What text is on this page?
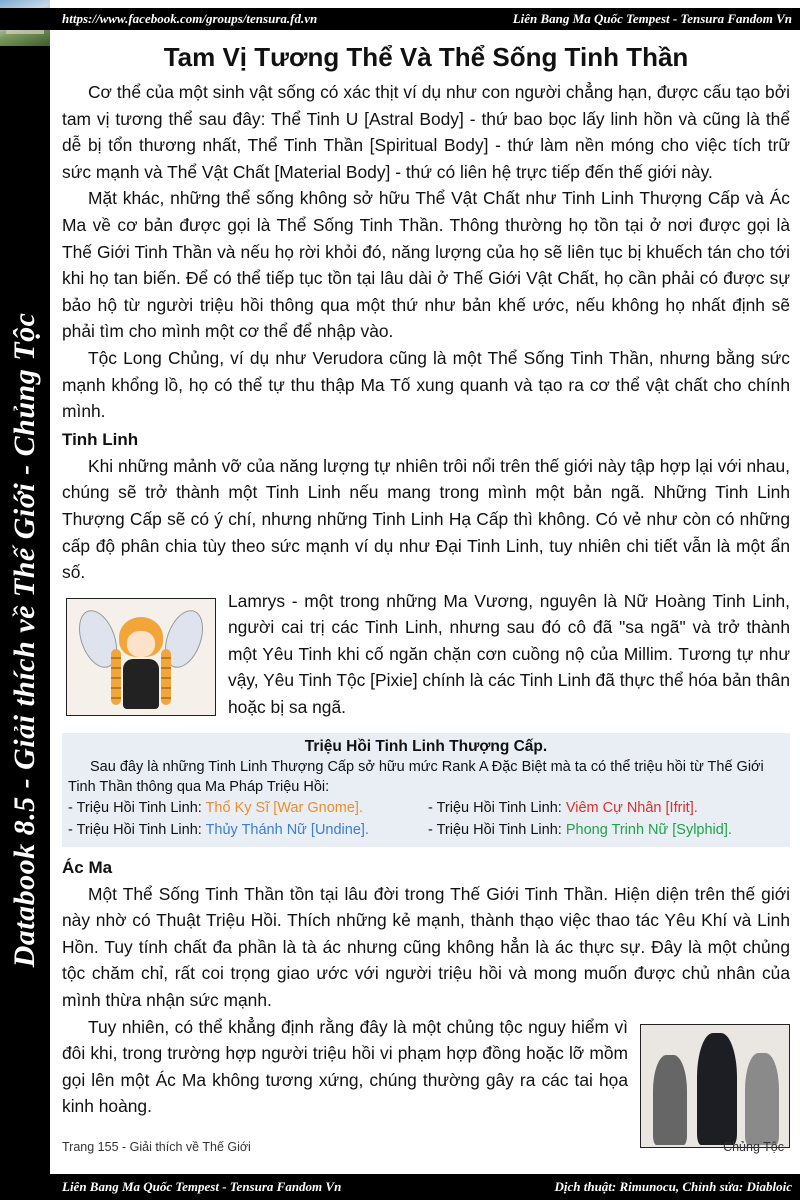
Databook 8.5 - Giải thích về Thế Giới - Chủng Tộc
https://www.facebook.com/groups/tensura.fd.vn	Liên Bang Ma Quốc Tempest - Tensura Fandom Vn
Tam Vị Tương Thể Và Thể Sống Tinh Thần

Cơ thể của một sinh vật sống có xác thịt ví dụ như con người chẳng hạn, được cấu tạo bởi tam vị tương thể sau đây: Thể Tinh U [Astral Body] - thứ bao bọc lấy linh hồn và cũng là thể dễ bị tổn thương nhất, Thể Tinh Thần [Spiritual Body] - thứ làm nền móng cho việc tích trữ sức mạnh và Thể Vật Chất [Material Body] - thứ có liên hệ trực tiếp đến thế giới này.

Mặt khác, những thể sống không sở hữu Thể Vật Chất như Tinh Linh Thượng Cấp và Ác Ma về cơ bản được gọi là Thể Sống Tinh Thần. Thông thường họ tồn tại ở nơi được gọi là Thế Giới Tinh Thần và nếu họ rời khỏi đó, năng lượng của họ sẽ liên tục bị khuếch tán cho tới khi họ tan biến. Để có thể tiếp tục tồn tại lâu dài ở Thế Giới Vật Chất, họ cần phải có được sự bảo hộ từ người triệu hồi thông qua một thứ như bản khế ước, nếu không họ nhất định sẽ phải tìm cho mình một cơ thể để nhập vào.

Tộc Long Chủng, ví dụ như Verudora cũng là một Thể Sống Tinh Thần, nhưng bằng sức mạnh khổng lồ, họ có thể tự thu thập Ma Tố xung quanh và tạo ra cơ thể vật chất cho chính mình.

Tinh Linh

Khi những mảnh vỡ của năng lượng tự nhiên trôi nổi trên thế giới này tập hợp lại với nhau, chúng sẽ trở thành một Tinh Linh nếu mang trong mình một bản ngã. Những Tinh Linh Thượng Cấp sẽ có ý chí, nhưng những Tinh Linh Hạ Cấp thì không. Có vẻ như còn có những cấp độ phân chia tùy theo sức mạnh ví dụ như Đại Tinh Linh, tuy nhiên chi tiết vẫn là một ẩn số.

Lamrys - một trong những Ma Vương, nguyên là Nữ Hoàng Tinh Linh, người cai trị các Tinh Linh, nhưng sau đó cô đã "sa ngã" và trở thành một Yêu Tinh khi cố ngăn chặn cơn cuồng nộ của Millim. Tương tự như vậy, Yêu Tinh Tộc [Pixie] chính là các Tinh Linh đã thực thể hóa bản thân hoặc bị sa ngã.

Triệu Hồi Tinh Linh Thượng Cấp.
Sau đây là những Tinh Linh Thượng Cấp sở hữu mức Rank A Đặc Biệt mà ta có thể triệu hồi từ Thế Giới Tinh Thần thông qua Ma Pháp Triệu Hồi:
- Triệu Hồi Tinh Linh: Thổ Ky Sĩ [War Gnome].	- Triệu Hồi Tinh Linh: Viêm Cự Nhân [Ifrit].
- Triệu Hồi Tinh Linh: Thủy Thánh Nữ [Undine].	- Triệu Hồi Tinh Linh: Phong Trinh Nữ [Sylphid].
Ác Ma

Một Thể Sống Tinh Thần tồn tại lâu đời trong Thế Giới Tinh Thần. Hiện diện trên thế giới này nhờ có Thuật Triệu Hồi. Thích những kẻ mạnh, thành thạo việc thao tác Yêu Khí và Linh Hồn. Tuy tính chất đa phần là tà ác nhưng cũng không hẳn là ác thực sự. Đây là một chủng tộc chăm chỉ, rất coi trọng giao ước với người triệu hồi và mong muốn được chủ nhân của mình thừa nhận sức mạnh.

Tuy nhiên, có thể khẳng định rằng đây là một chủng tộc nguy hiểm vì đôi khi, trong trường hợp người triệu hồi vi phạm hợp đồng hoặc lỡ mồm gọi lên một Ác Ma không tương xứng, chúng thường gây ra các tai họa kinh hoàng.

Trang 155 - Giải thích về Thế Giới	Chủng Tộc
Liên Bang Ma Quốc Tempest - Tensura Fandom Vn	Dịch thuật: Rimunocu, Chỉnh sửa: Diabloic
